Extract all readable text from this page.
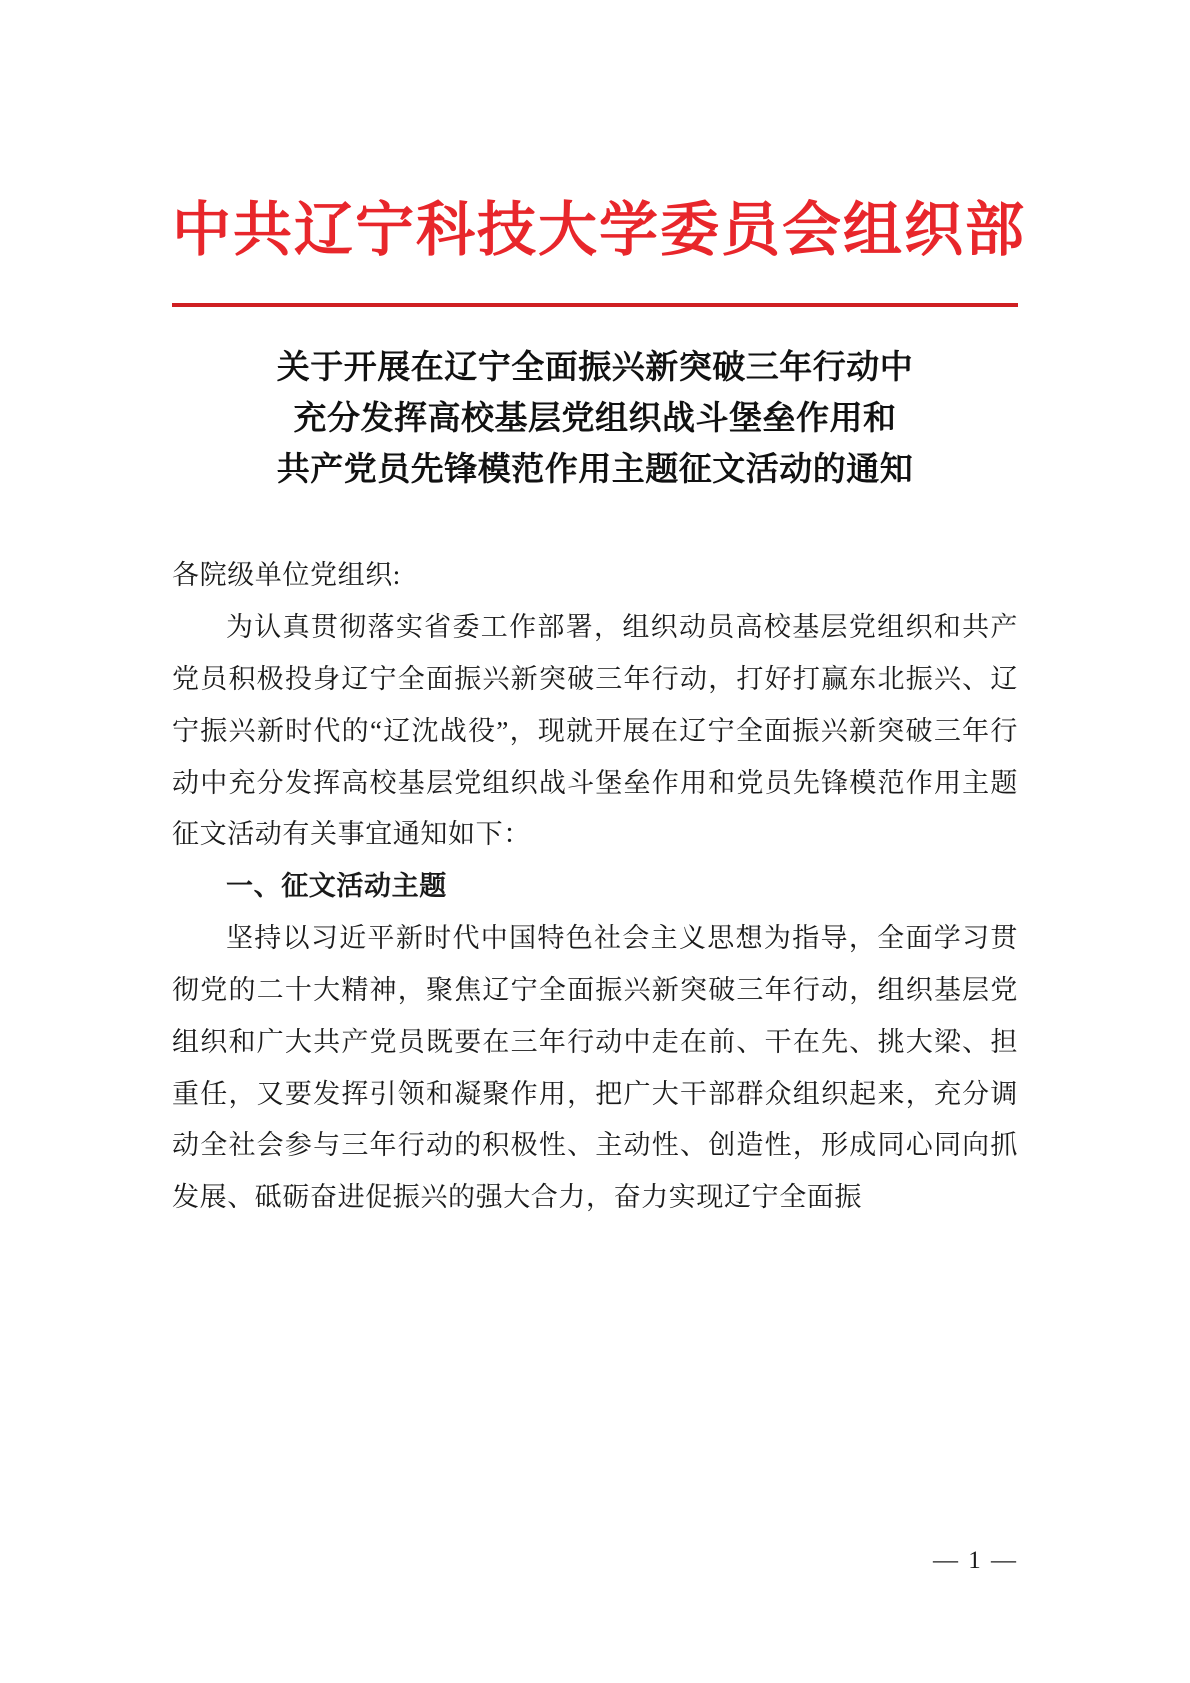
中共辽宁科技大学委员会组织部
关于开展在辽宁全面振兴新突破三年行动中
充分发挥高校基层党组织战斗堡垒作用和
共产党员先锋模范作用主题征文活动的通知

各院级单位党组织:

为认真贯彻落实省委工作部署，组织动员高校基层党组织和共产党员积极投身辽宁全面振兴新突破三年行动，打好打赢东北振兴、辽宁振兴新时代的“辽沈战役”，现就开展在辽宁全面振兴新突破三年行动中充分发挥高校基层党组织战斗堡垒作用和党员先锋模范作用主题征文活动有关事宜通知如下：

一、征文活动主题

坚持以习近平新时代中国特色社会主义思想为指导，全面学习贯彻党的二十大精神，聚焦辽宁全面振兴新突破三年行动，组织基层党组织和广大共产党员既要在三年行动中走在前、干在先、挑大梁、担重任，又要发挥引领和凝聚作用，把广大干部群众组织起来，充分调动全社会参与三年行动的积极性、主动性、创造性，形成同心同向抓发展、砥砺奋进促振兴的强大合力，奋力实现辽宁全面振

— 1 —
